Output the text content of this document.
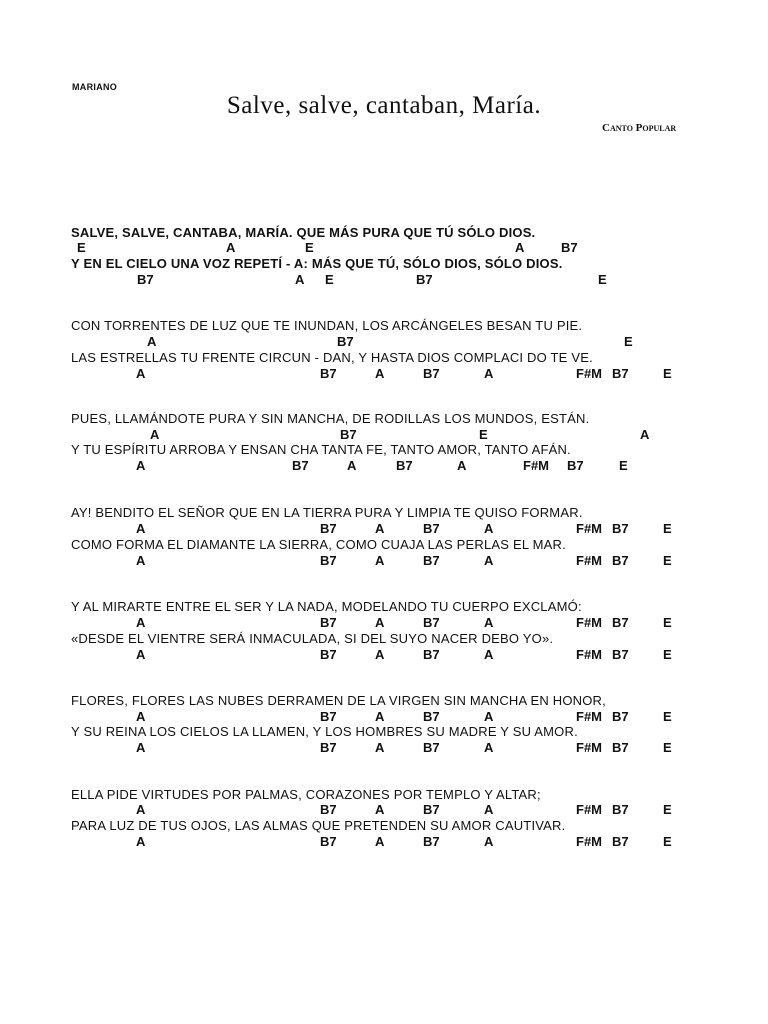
MARIANO
Salve, salve, cantaban, María.
Canto Popular
SALVE, SALVE, CANTABA, MARÍA. QUE MÁS PURA QUE TÚ SÓLO DIOS.
E	A	E	A	B7
Y EN EL CIELO UNA VOZ REPETÍ - A: MÁS QUE TÚ, SÓLO DIOS, SÓLO DIOS.
B7	A E	B7	E
CON TORRENTES DE LUZ QUE TE INUNDAN, LOS ARCÁNGELES BESAN TU PIE.
A	B7	E
LAS ESTRELLAS TU FRENTE CIRCUN - DAN, Y HASTA DIOS COMPLACI DO TE VE.
A	B7	A	B7	A	F#M B7	E
PUES, LLAMÁNDOTE PURA Y SIN MANCHA, DE RODILLAS LOS MUNDOS, ESTÁN.
A	B7	E	A
Y TU ESPÍRITU ARROBA Y ENSAN CHA TANTA FE, TANTO AMOR, TANTO AFÁN.
A	B7	A	B7	A	F#M B7	E
AY! BENDITO EL SEÑOR QUE EN LA TIERRA PURA Y LIMPIA TE QUISO FORMAR.
A	B7	A	B7	A	F#M B7	E
COMO FORMA EL DIAMANTE LA SIERRA, COMO CUAJA LAS PERLAS EL MAR.
A	B7	A	B7	A	F#M B7	E
Y AL MIRARTE ENTRE EL SER Y LA NADA, MODELANDO TU CUERPO EXCLAMÓ:
A	B7	A	B7	A	F#M B7	E
«DESDE EL VIENTRE SERÁ INMACULADA, SI DEL SUYO NACER DEBO YO».
A	B7	A	B7	A	F#M B7	E
FLORES, FLORES LAS NUBES DERRAMEN DE LA VIRGEN SIN MANCHA EN HONOR,
A	B7	A	B7	A	F#M B7	E
Y SU REINA LOS CIELOS LA LLAMEN, Y LOS HOMBRES SU MADRE Y SU AMOR.
A	B7	A	B7	A	F#M B7	E
ELLA PIDE VIRTUDES POR PALMAS, CORAZONES POR TEMPLO Y ALTAR;
A	B7	A	B7	A	F#M B7	E
PARA LUZ DE TUS OJOS, LAS ALMAS QUE PRETENDEN SU AMOR CAUTIVAR.
A	B7	A	B7	A	F#M B7	E
